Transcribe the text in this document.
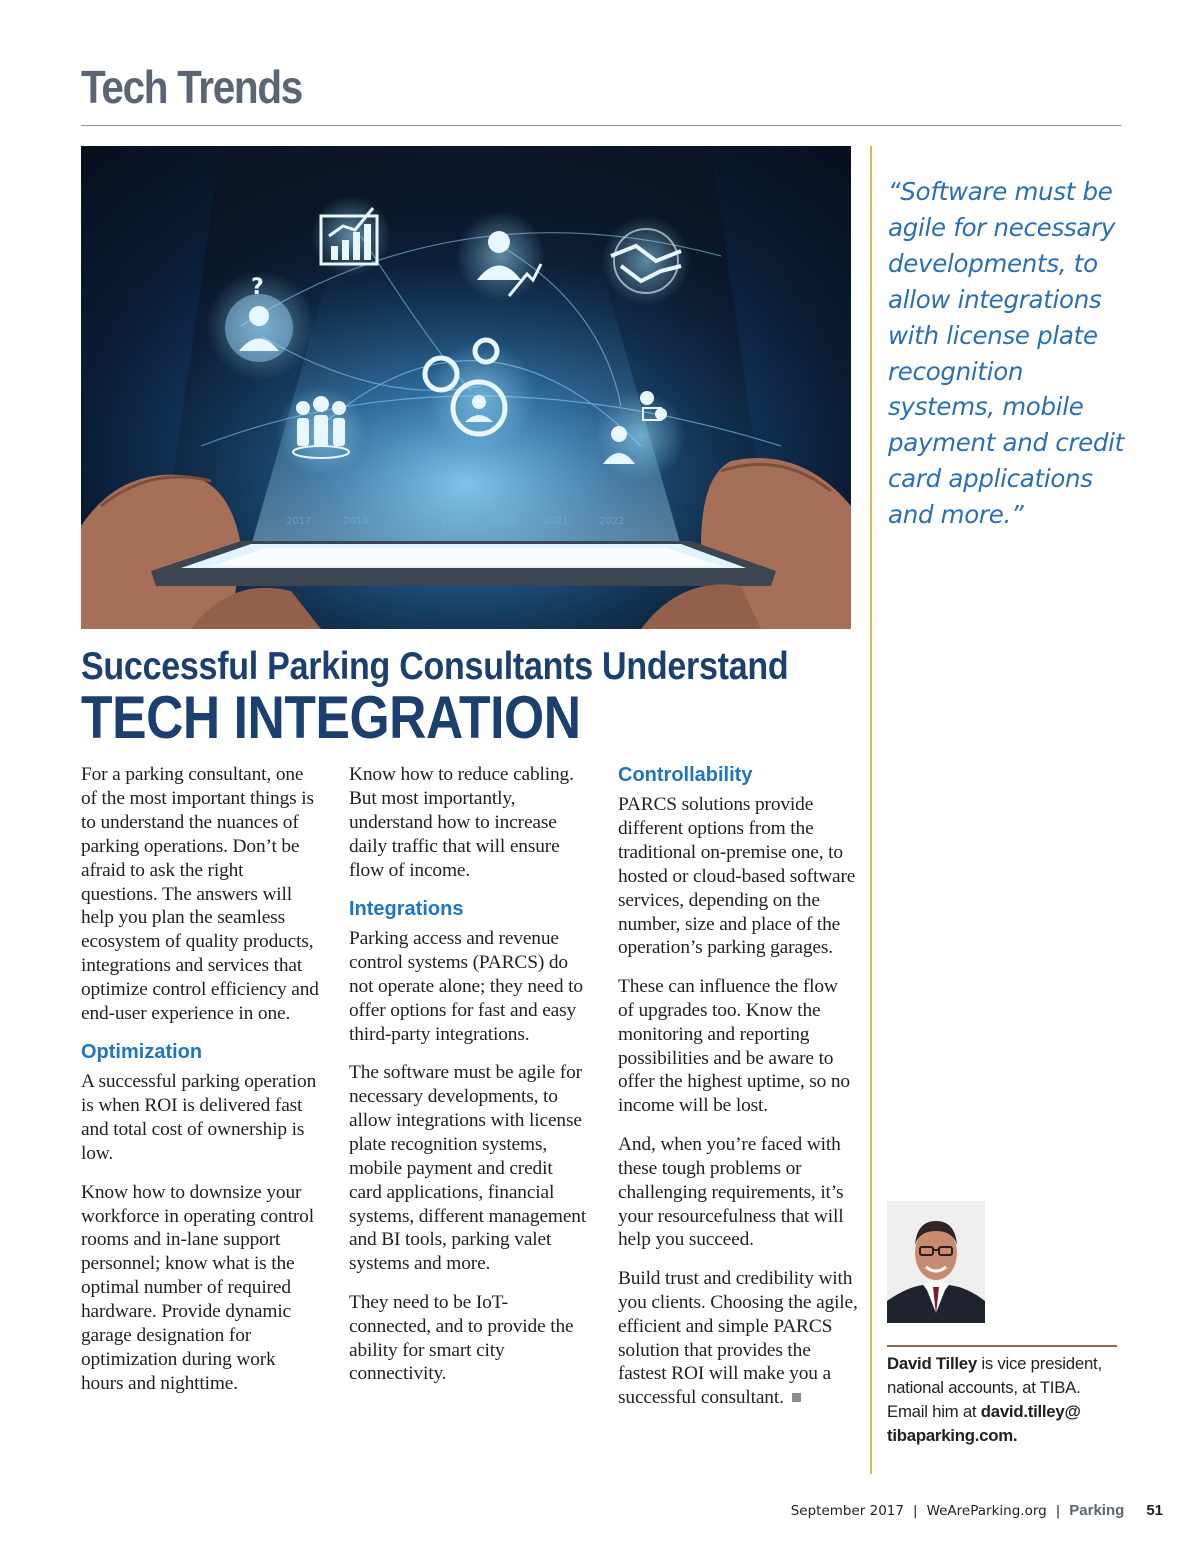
Tech Trends
?
2017	2018	2019	2020 2021	2022
“Software must be agile for necessary developments, to allow integrations with license plate recognition systems, mobile payment and credit card applications and more.”
Successful Parking Consultants Understand
TECH INTEGRATION

For a parking consultant, one of the most important things is to understand the nuances of parking operations. Don’t be afraid to ask the right questions. The answers will help you plan the seamless ecosystem of quality products, integrations and services that optimize control efficiency and end-user experience in one.

Optimization

A successful parking operation is when ROI is delivered fast and total cost of ownership is low.

Know how to downsize your workforce in operating control rooms and in-lane support personnel; know what is the optimal number of required hardware. Provide dynamic garage designation for optimization during work hours and nighttime.

Know how to reduce cabling. But most importantly, understand how to increase daily traffic that will ensure flow of income.

Integrations

Parking access and revenue control systems (PARCS) do not operate alone; they need to offer options for fast and easy third-party integrations.

The software must be agile for necessary developments, to allow integrations with license plate recognition systems, mobile payment and credit card applications, financial systems, different management and BI tools, parking valet systems and more.

They need to be IoT-connected, and to provide the ability for smart city connectivity.

Controllability

PARCS solutions provide different options from the traditional on-premise one, to hosted or cloud-based software services, depending on the number, size and place of the operation’s parking garages.

These can influence the flow of upgrades too. Know the monitoring and reporting possibilities and be aware to offer the highest uptime, so no income will be lost.

And, when you’re faced with these tough problems or challenging requirements, it’s your resourcefulness that will help you succeed.

Build trust and credibility with you clients. Choosing the agile, efficient and simple PARCS solution that provides the fastest ROI will make you a successful consultant.

David Tilley is vice president,
national accounts, at TIBA.
Email him at david.tilley@
tibaparking.com.
September 2017 | WeAreParking.org | Parking 51
